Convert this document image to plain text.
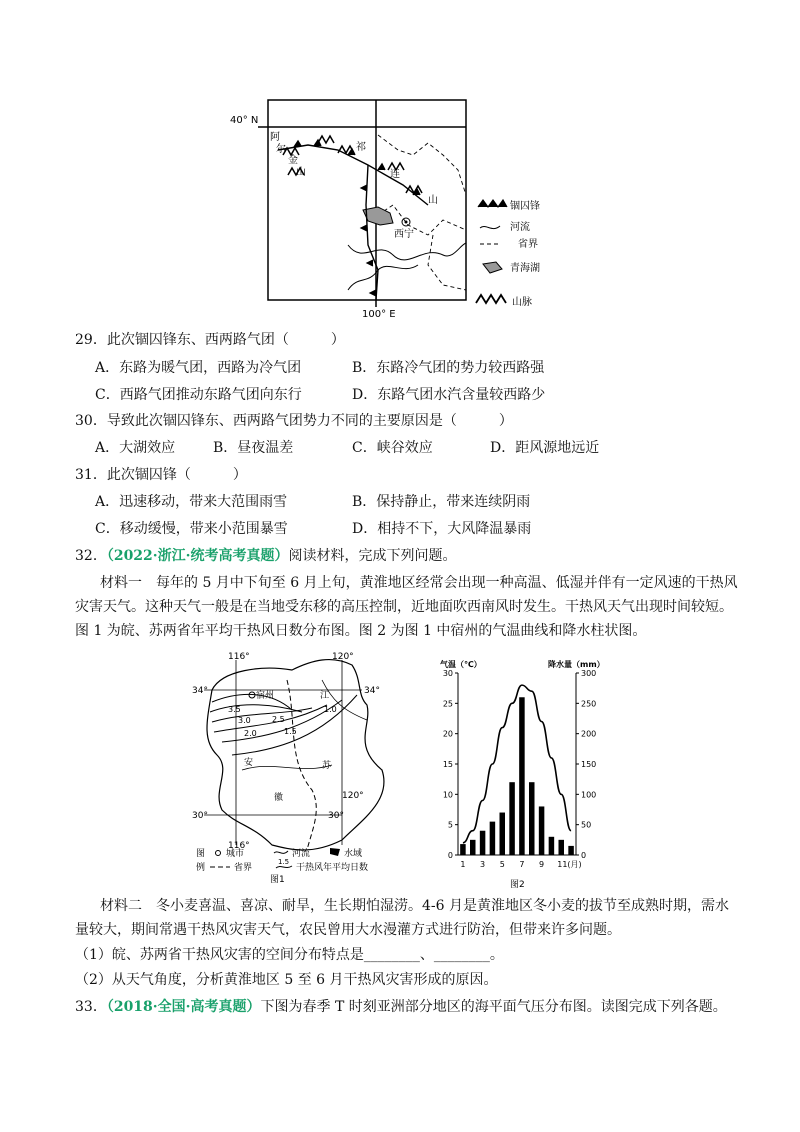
40° N
100° E
阿
尔
金
山
祁
连
山
西宁
锢囚锋
河流
省界
青海湖
山脉
29．此次锢囚锋东、西两路气团（　　　）
A．东路为暖气团，西路为冷气团	B．东路冷气团的势力较西路强
C．西路气团推动东路气团向东行	D．东路气团水汽含量较西路少
30．导致此次锢囚锋东、西两路气团势力不同的主要原因是（　　　）
A．大湖效应	B．昼夜温差	C．峡谷效应	D．距风源地远近
31．此次锢囚锋（　　　）
A．迅速移动，带来大范围雨雪	B．保持静止，带来连续阴雨
C．移动缓慢，带来小范围暴雪	D．相持不下，大风降温暴雨
32．（2022·浙江·统考高考真题）阅读材料，完成下列问题。
材料一　每年的 5 月中下旬至 6 月上旬，黄淮地区经常会出现一种高温、低湿并伴有一定风速的干热风
灾害天气。这种天气一般是在当地受东移的高压控制，近地面吹西南风时发生。干热风天气出现时间较短。
图 1 为皖、苏两省年平均干热风日数分布图。图 2 为图 1 中宿州的气温曲线和降水柱状图。
116°	120°
34°	34°
30°	30°
120°
116°
宿州
3.5
3.0
2.0
2.5
1.5
1.0
江
安	苏
徽
图
例
城市	河流	水域
省界
1.5
干热风年平均日数
图1
气温（℃）	降水量（mm）
30
25
20
15
10
5
0
300
250
200
150
100
50
0
1 3 5 7 9 11(月)
图2
材料二　冬小麦喜温、喜凉、耐旱，生长期怕湿涝。4-6 月是黄淮地区冬小麦的拔节至成熟时期，需水
量较大，期间常遇干热风灾害天气，农民曾用大水漫灌方式进行防治，但带来许多问题。
（1）皖、苏两省干热风灾害的空间分布特点是________、________。
（2）从天气角度，分析黄淮地区 5 至 6 月干热风灾害形成的原因。
33．（2018·全国·高考真题）下图为春季 T 时刻亚洲部分地区的海平面气压分布图。读图完成下列各题。
